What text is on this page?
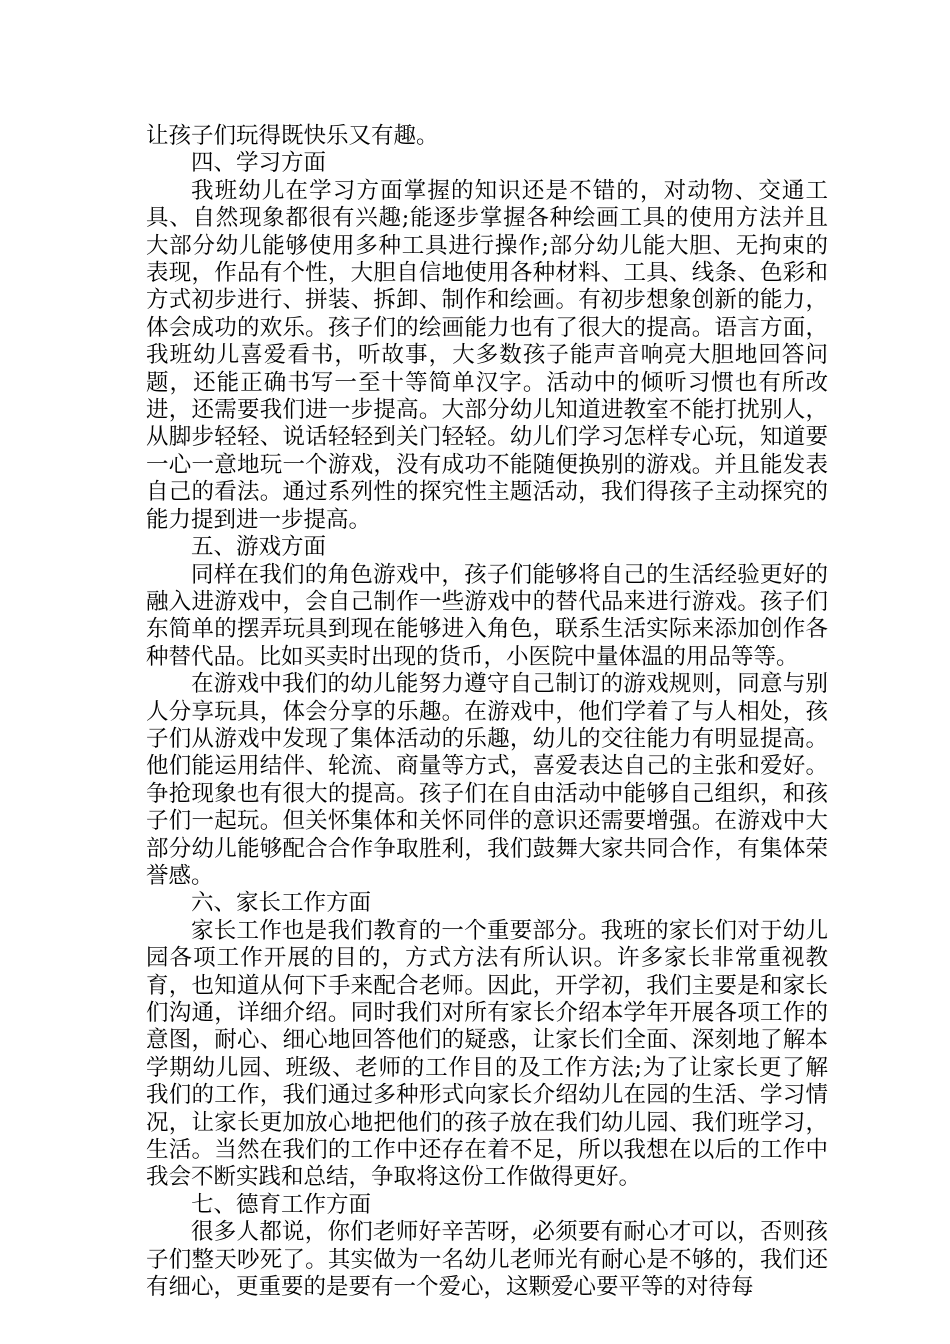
让孩子们玩得既快乐又有趣。

四、学习方面

我班幼儿在学习方面掌握的知识还是不错的，对动物、交通工具、自然现象都很有兴趣;能逐步掌握各种绘画工具的使用方法并且大部分幼儿能够使用多种工具进行操作;部分幼儿能大胆、无拘束的表现，作品有个性，大胆自信地使用各种材料、工具、线条、色彩和方式初步进行、拼装、拆卸、制作和绘画。有初步想象创新的能力，体会成功的欢乐。孩子们的绘画能力也有了很大的提高。语言方面，我班幼儿喜爱看书，听故事，大多数孩子能声音响亮大胆地回答问题，还能正确书写一至十等简单汉字。活动中的倾听习惯也有所改进，还需要我们进一步提高。大部分幼儿知道进教室不能打扰别人，从脚步轻轻、说话轻轻到关门轻轻。幼儿们学习怎样专心玩，知道要一心一意地玩一个游戏，没有成功不能随便换别的游戏。并且能发表自己的看法。通过系列性的探究性主题活动，我们得孩子主动探究的能力提到进一步提高。

五、游戏方面

同样在我们的角色游戏中，孩子们能够将自己的生活经验更好的融入进游戏中，会自己制作一些游戏中的替代品来进行游戏。孩子们东简单的摆弄玩具到现在能够进入角色，联系生活实际来添加创作各种替代品。比如买卖时出现的货币，小医院中量体温的用品等等。

在游戏中我们的幼儿能努力遵守自己制订的游戏规则，同意与别人分享玩具，体会分享的乐趣。在游戏中，他们学着了与人相处，孩子们从游戏中发现了集体活动的乐趣，幼儿的交往能力有明显提高。他们能运用结伴、轮流、商量等方式，喜爱表达自己的主张和爱好。争抢现象也有很大的提高。孩子们在自由活动中能够自己组织，和孩子们一起玩。但关怀集体和关怀同伴的意识还需要增强。在游戏中大部分幼儿能够配合合作争取胜利，我们鼓舞大家共同合作，有集体荣誉感。

六、家长工作方面

家长工作也是我们教育的一个重要部分。我班的家长们对于幼儿园各项工作开展的目的，方式方法有所认识。许多家长非常重视教育，也知道从何下手来配合老师。因此，开学初，我们主要是和家长们沟通，详细介绍。同时我们对所有家长介绍本学年开展各项工作的意图，耐心、细心地回答他们的疑惑，让家长们全面、深刻地了解本学期幼儿园、班级、老师的工作目的及工作方法;为了让家长更了解我们的工作，我们通过多种形式向家长介绍幼儿在园的生活、学习情况，让家长更加放心地把他们的孩子放在我们幼儿园、我们班学习，生活。当然在我们的工作中还存在着不足，所以我想在以后的工作中我会不断实践和总结，争取将这份工作做得更好。

七、德育工作方面

很多人都说，你们老师好辛苦呀，必须要有耐心才可以，否则孩子们整天吵死了。其实做为一名幼儿老师光有耐心是不够的，我们还有细心，更重要的是要有一个爱心，这颗爱心要平等的对待每
